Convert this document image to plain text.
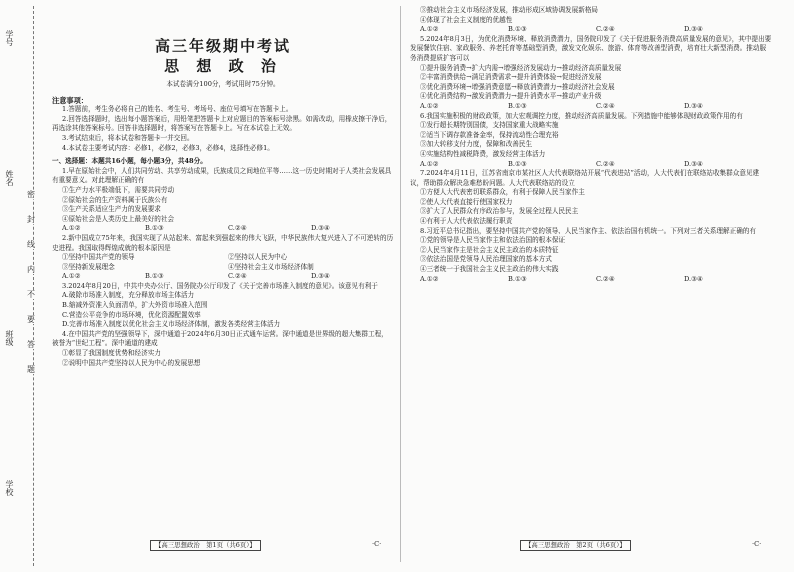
学号
姓名
班级
学校
密
封
线
内
不
要
答
题
高三年级期中考试
思 想 政 治
本试卷满分100分，考试用时75分钟。
注意事项：
1.答题前，考生务必将自己的姓名、考生号、考场号、座位号填写在答题卡上。
2.回答选择题时，选出每小题答案后，用铅笔把答题卡上对应题目的答案标号涂黑。如需改动，用橡皮擦干净后，再选涂其他答案标号。回答非选择题时，将答案写在答题卡上。写在本试卷上无效。
3.考试结束后，将本试卷和答题卡一并交回。
4.本试卷主要考试内容：必修1，必修2，必修3，必修4，选择性必修1。
一、选择题：本题共16小题，每小题3分，共48分。
1.早在原始社会中，人们共同劳动、共享劳动成果，氏族成员之间地位平等……这一历史时期对于人类社会发展具有重要意义。对此理解正确的有
①生产力水平极端低下，需要共同劳动
②原始社会的生产资料属于氏族公有
③生产关系适应生产力的发展要求
④原始社会是人类历史上最美好的社会
A.①②	B.①③	C.②④	D.③④
2.新中国成立75年来，我国实现了从站起来、富起来到强起来的伟大飞跃，中华民族伟大复兴进入了不可逆转的历史进程。我国取得辉煌成就的根本原因是
①坚持中国共产党的领导	②坚持以人民为中心
③坚持新发展理念	④坚持社会主义市场经济体制
A.①②	B.①③	C.②④	D.③④
3.2024年8月20日，中共中央办公厅、国务院办公厅印发了《关于完善市场准入制度的意见》。该意见有利于
A.破除市场准入制度，充分释放市场主体活力
B.缩减外资准入负面清单，扩大外资市场准入范围
C.营造公平竞争的市场环境，优化资源配置效率
D.完善市场准入制度以优化社会主义市场经济体制，激发各类经营主体活力
4.在中国共产党的坚强领导下，深中通道于2024年6月30日正式通车运营。深中通道是世界级的超大集群工程，被誉为“世纪工程”。深中通道的建成
①彰显了我国制度优势和经济实力
②说明中国共产党坚持以人民为中心的发展思想
③推动社会主义市场经济发展，推动形成区域协调发展新格局
④体现了社会主义制度的优越性
A.①②	B.①③	C.②④	D.③④
5.2024年8月3日，为优化消费环境、释放消费潜力，国务院印发了《关于促进服务消费高质量发展的意见》，其中提出要发展餐饮住宿、家政服务、养老托育等基础型消费，激发文化娱乐、旅游、体育等改善型消费，培育壮大新型消费。推动服务消费提质扩容可以
①提升服务消费→扩大内需→增强经济发展动力→推动经济高质量发展
②丰富消费供给→满足消费需求→提升消费体验→促进经济发展
③优化消费环境→增强消费意愿→释放消费潜力→推动经济社会发展
④优化消费结构→激发消费潜力→提升消费水平→推动产业升级
A.①②	B.①③	C.②④	D.③④
6.我国实施积极的财政政策，加大宏观调控力度，推动经济高质量发展。下列措施中能够体现财政政策作用的有
①发行超长期特别国债，支持国家重大战略实施
②适当下调存款准备金率，保持流动性合理充裕
③加大转移支付力度，保障和改善民生
④实施结构性减税降费，激发经营主体活力
A.①②	B.①③	C.②④	D.③④
7.2024年4月11日，江苏省南京市某社区人大代表联络站开展“代表进站”活动，人大代表们在联络站收集群众意见建议，帮助群众解决急难愁盼问题。人大代表联络站的设立
①方便人大代表密切联系群众，有利于保障人民当家作主
②使人大代表直接行使国家权力
③扩大了人民群众有序政治参与，发展全过程人民民主
④有利于人大代表依法履行职责
8.习近平总书记指出，要坚持中国共产党的领导、人民当家作主、依法治国有机统一。下列对三者关系理解正确的有
①党的领导是人民当家作主和依法治国的根本保证
②人民当家作主是社会主义民主政治的本质特征
③依法治国是党领导人民治理国家的基本方式
④三者统一于我国社会主义民主政治的伟大实践
A.①②	B.①③	C.②④	D.③④
【高三思想政治　第1页（共6页）】	·C·	【高三思想政治　第2页（共6页）】	·C·
